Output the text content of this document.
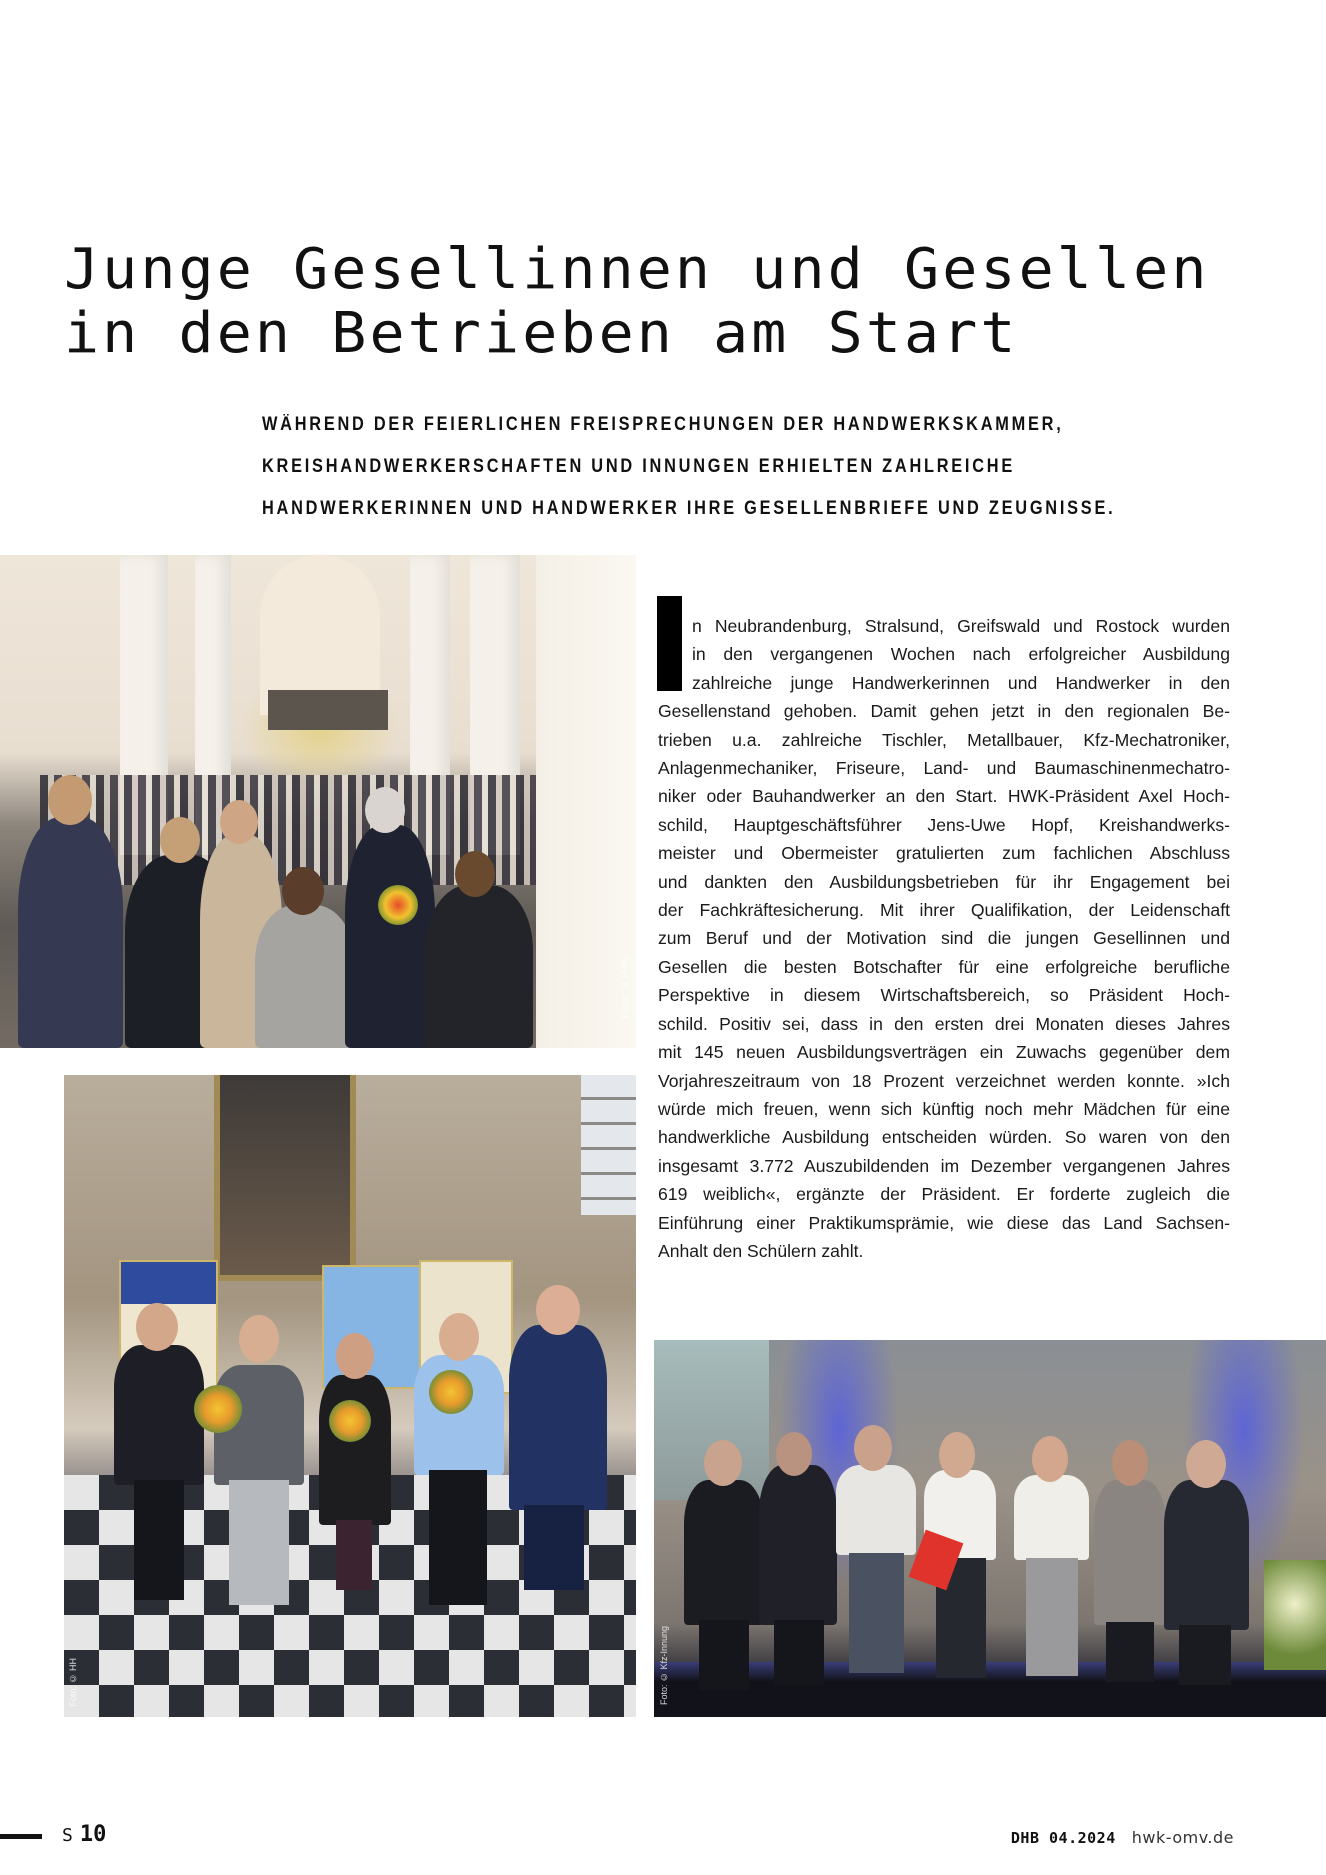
Junge Gesellinnen und Gesellen
in den Betrieben am Start
WÄHREND DER FEIERLICHEN FREISPRECHUNGEN DER HANDWERKSKAMMER,
KREISHANDWERKERSCHAFTEN UND INNUNGEN ERHIELTEN ZAHLREICHE
HANDWERKERINNEN UND HANDWERKER IHRE GESELLENBRIEFE UND ZEUGNISSE.
Fotos: © HWK
Foto: © HH
n Neubrandenburg, Stralsund, Greifswald und Rostock wurden
in den vergangenen Wochen nach erfolgreicher Ausbildung
zahlreiche junge Handwerkerinnen und Handwerker in den
Gesellenstand gehoben. Damit gehen jetzt in den regionalen Be-
trieben u.a. zahlreiche Tischler, Metallbauer, Kfz-Mechatroniker,
Anlagenmechaniker, Friseure, Land- und Baumaschinenmechatro-
niker oder Bauhandwerker an den Start. HWK-Präsident Axel Hoch-
schild, Hauptgeschäftsführer Jens-Uwe Hopf, Kreishandwerks-
meister und Obermeister gratulierten zum fachlichen Abschluss
und dankten den Ausbildungsbetrieben für ihr Engagement bei
der Fachkräftesicherung. Mit ihrer Qualifikation, der Leidenschaft
zum Beruf und der Motivation sind die jungen Gesellinnen und
Gesellen die besten Botschafter für eine erfolgreiche berufliche
Perspektive in diesem Wirtschaftsbereich, so Präsident Hoch-
schild. Positiv sei, dass in den ersten drei Monaten dieses Jahres
mit 145 neuen Ausbildungsverträgen ein Zuwachs gegenüber dem
Vorjahreszeitraum von 18 Prozent verzeichnet werden konnte. »Ich
würde mich freuen, wenn sich künftig noch mehr Mädchen für eine
handwerkliche Ausbildung entscheiden würden. So waren von den
insgesamt 3.772 Auszubildenden im Dezember vergangenen Jahres
619 weiblich«, ergänzte der Präsident. Er forderte zugleich die
Einführung einer Praktikumsprämie, wie diese das Land Sachsen-
Anhalt den Schülern zahlt.
Foto: © Kfz-Innung
S 10	DHB 04.2024 hwk-omv.de
